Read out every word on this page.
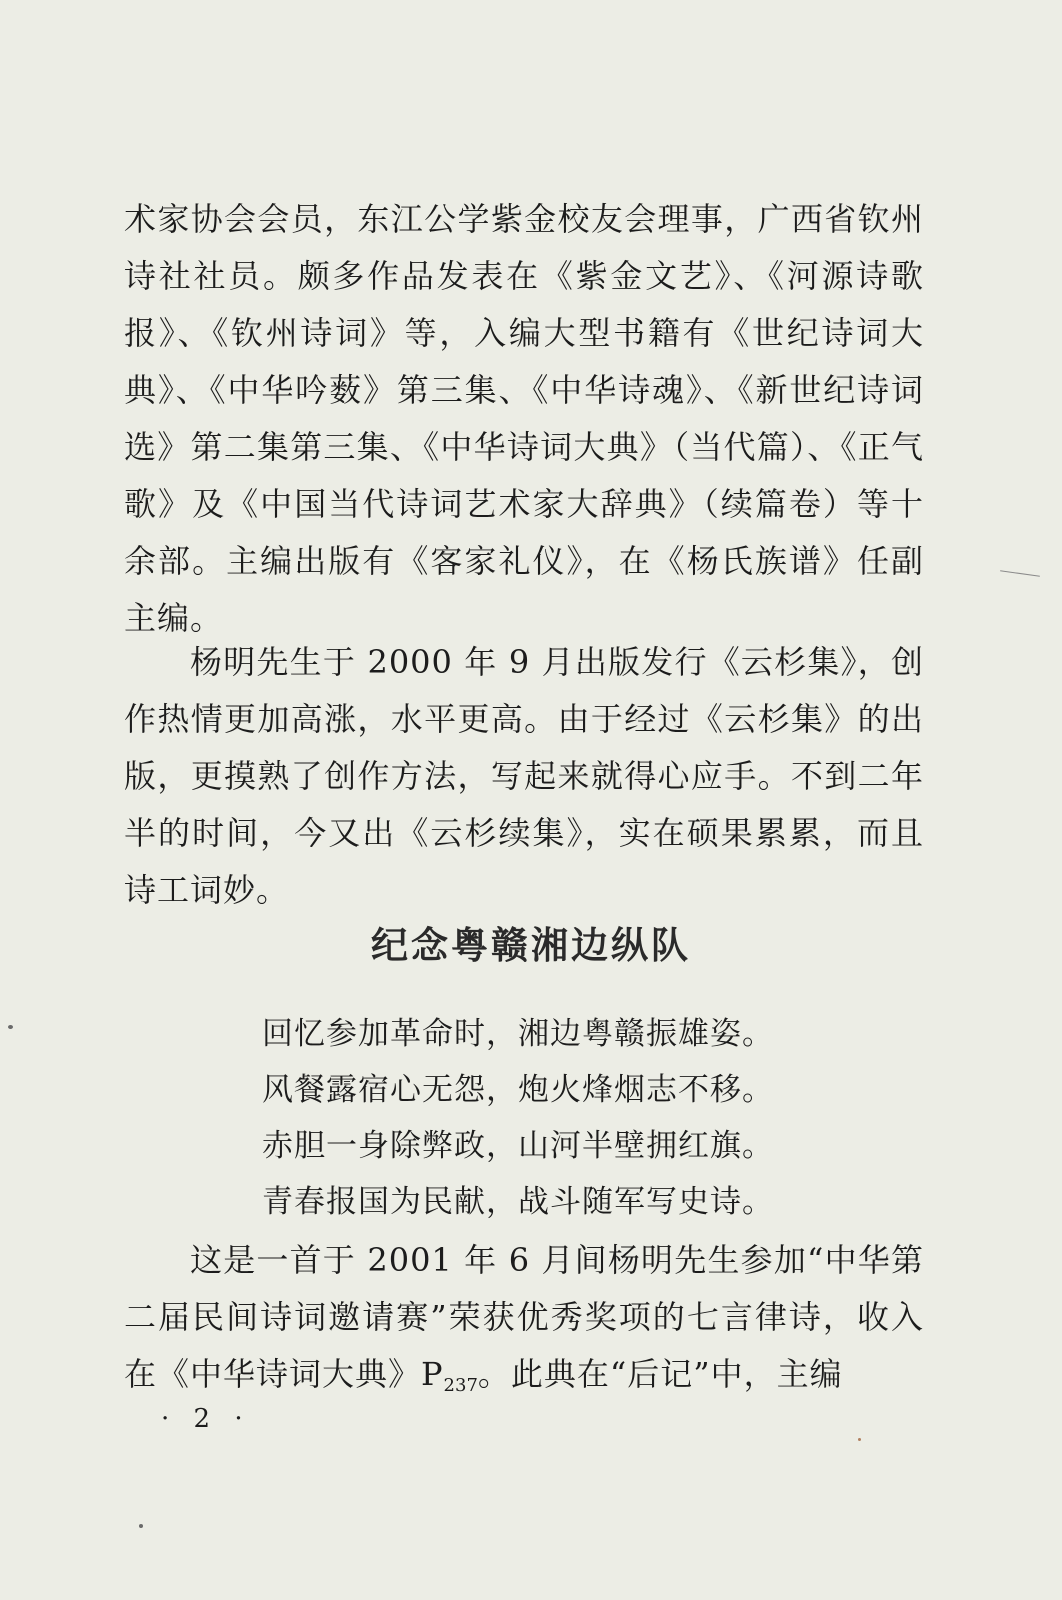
术家协会会员，东江公学紫金校友会理事，广西省钦州诗社社员。颇多作品发表在《紫金文艺》、《河源诗歌报》、《钦州诗词》等，入编大型书籍有《世纪诗词大典》、《中华吟薮》第三集、《中华诗魂》、《新世纪诗词选》第二集第三集、《中华诗词大典》（当代篇）、《正气歌》及《中国当代诗词艺术家大辞典》（续篇卷）等十余部。主编出版有《客家礼仪》，在《杨氏族谱》任副主编。
杨明先生于 2000 年 9 月出版发行《云杉集》，创作热情更加高涨，水平更高。由于经过《云杉集》的出版，更摸熟了创作方法，写起来就得心应手。不到二年半的时间，今又出《云杉续集》，实在硕果累累，而且诗工词妙。
纪念粤赣湘边纵队
回忆参加革命时，湘边粤赣振雄姿。
风餐露宿心无怨，炮火烽烟志不移。
赤胆一身除弊政，山河半壁拥红旗。
青春报国为民献，战斗随军写史诗。
这是一首于 2001 年 6 月间杨明先生参加“中华第二届民间诗词邀请赛”荣获优秀奖项的七言律诗，收入在《中华诗词大典》$P_{237}$。此典在“后记”中，主编
· 2 ·
